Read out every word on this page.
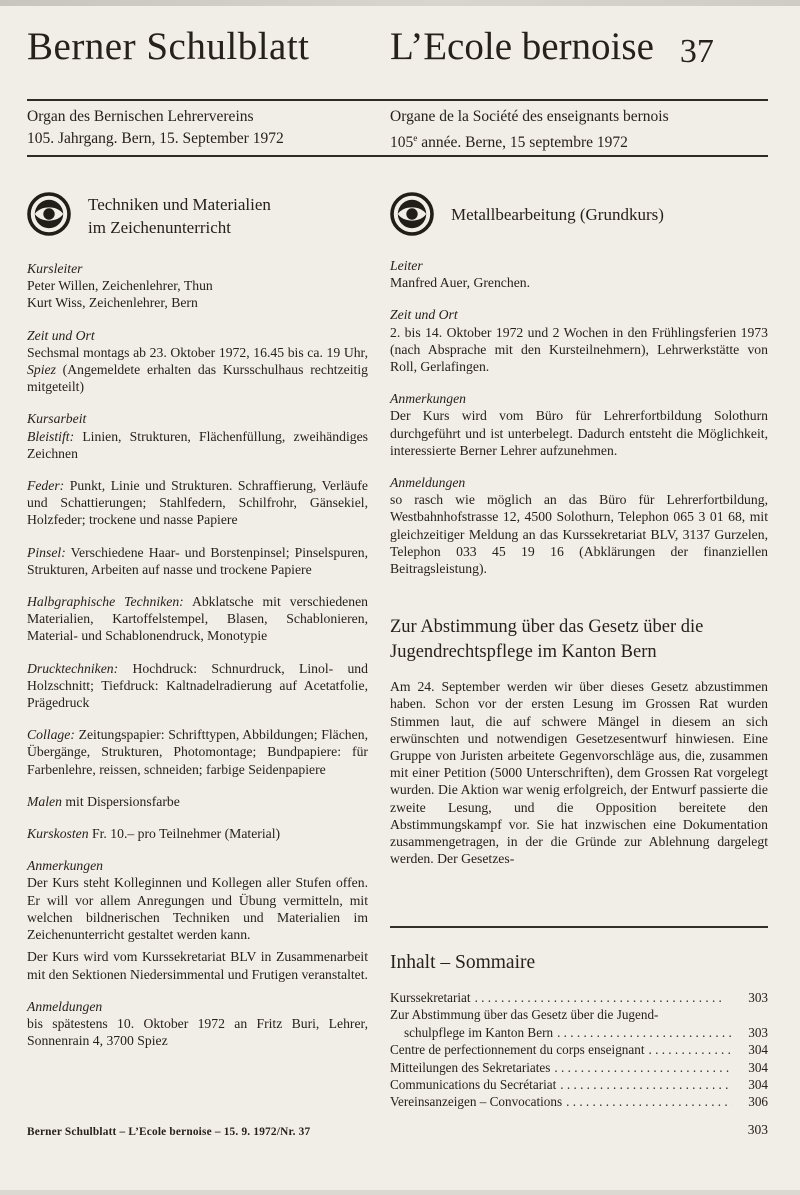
Berner Schulblatt L’Ecole bernoise 37
Organ des Bernischen Lehrervereins
105. Jahrgang. Bern, 15. September 1972
Organe de la Société des enseignants bernois
105e année. Berne, 15 septembre 1972
Techniken und Materialien
im Zeichenunterricht
Kursleiter

Peter Willen, Zeichenlehrer, Thun
Kurt Wiss, Zeichenlehrer, Bern

Zeit und Ort

Sechsmal montags ab 23. Oktober 1972, 16.45 bis ca. 19 Uhr, Spiez (Angemeldete erhalten das Kursschulhaus rechtzeitig mitgeteilt)

Kursarbeit

Bleistift: Linien, Strukturen, Flächenfüllung, zweihändiges Zeichnen

Feder: Punkt, Linie und Strukturen. Schraffierung, Verläufe und Schattierungen; Stahlfedern, Schilfrohr, Gänsekiel, Holzfeder; trockene und nasse Papiere

Pinsel: Verschiedene Haar- und Borstenpinsel; Pinselspuren, Strukturen, Arbeiten auf nasse und trockene Papiere

Halbgraphische Techniken: Abklatsche mit verschiedenen Materialien, Kartoffelstempel, Blasen, Schablonieren, Material- und Schablonendruck, Monotypie

Drucktechniken: Hochdruck: Schnurdruck, Linol- und Holzschnitt; Tiefdruck: Kaltnadelradierung auf Acetatfolie, Prägedruck

Collage: Zeitungspapier: Schrifttypen, Abbildungen; Flächen, Übergänge, Strukturen, Photomontage; Bundpapiere: für Farbenlehre, reissen, schneiden; farbige Seidenpapiere

Malen mit Dispersionsfarbe

Kurskosten Fr. 10.– pro Teilnehmer (Material)

Anmerkungen

Der Kurs steht Kolleginnen und Kollegen aller Stufen offen. Er will vor allem Anregungen und Übung vermitteln, mit welchen bildnerischen Techniken und Materialien im Zeichenunterricht gestaltet werden kann.

Der Kurs wird vom Kurssekretariat BLV in Zusammenarbeit mit den Sektionen Niedersimmental und Frutigen veranstaltet.

Anmeldungen

bis spätestens 10. Oktober 1972 an Fritz Buri, Lehrer, Sonnenrain 4, 3700 Spiez

Metallbearbeitung (Grundkurs)
Leiter

Manfred Auer, Grenchen.

Zeit und Ort

2. bis 14. Oktober 1972 und 2 Wochen in den Frühlingsferien 1973 (nach Absprache mit den Kursteilnehmern), Lehrwerkstätte von Roll, Gerlafingen.

Anmerkungen

Der Kurs wird vom Büro für Lehrerfortbildung Solothurn durchgeführt und ist unterbelegt. Dadurch entsteht die Möglichkeit, interessierte Berner Lehrer aufzunehmen.

Anmeldungen

so rasch wie möglich an das Büro für Lehrerfortbildung, Westbahnhofstrasse 12, 4500 Solothurn, Telephon 065 3 01 68, mit gleichzeitiger Meldung an das Kurssekretariat BLV, 3137 Gurzelen, Telephon 033 45 19 16 (Abklärungen der finanziellen Beitragsleistung).

Zur Abstimmung über das Gesetz über die
Jugendrechtspflege im Kanton Bern

Am 24. September werden wir über dieses Gesetz abzustimmen haben. Schon vor der ersten Lesung im Grossen Rat wurden Stimmen laut, die auf schwere Mängel in diesem an sich erwünschten und notwendigen Gesetzesentwurf hinwiesen. Eine Gruppe von Juristen arbeitete Gegenvorschläge aus, die, zusammen mit einer Petition (5000 Unterschriften), dem Grossen Rat vorgelegt wurden. Die Aktion war wenig erfolgreich, der Entwurf passierte die zweite Lesung, und die Opposition bereitete den Abstimmungskampf vor. Sie hat inzwischen eine Dokumentation zusammengetragen, in der die Gründe zur Ablehnung dargelegt werden. Der Gesetzes-

Inhalt – Sommaire
Kurssekretariat . .	303
Zur Abstimmung über das Gesetz über die Jugend-
schulpflege im Kanton Bern . .	303
Centre de perfectionnement du corps enseignant . .	304
Mitteilungen des Sekretariates . .	304
Communications du Secrétariat . .	304
Vereinsanzeigen – Convocations . .	306
Berner Schulblatt – L’Ecole bernoise – 15. 9. 1972/Nr. 37	303
